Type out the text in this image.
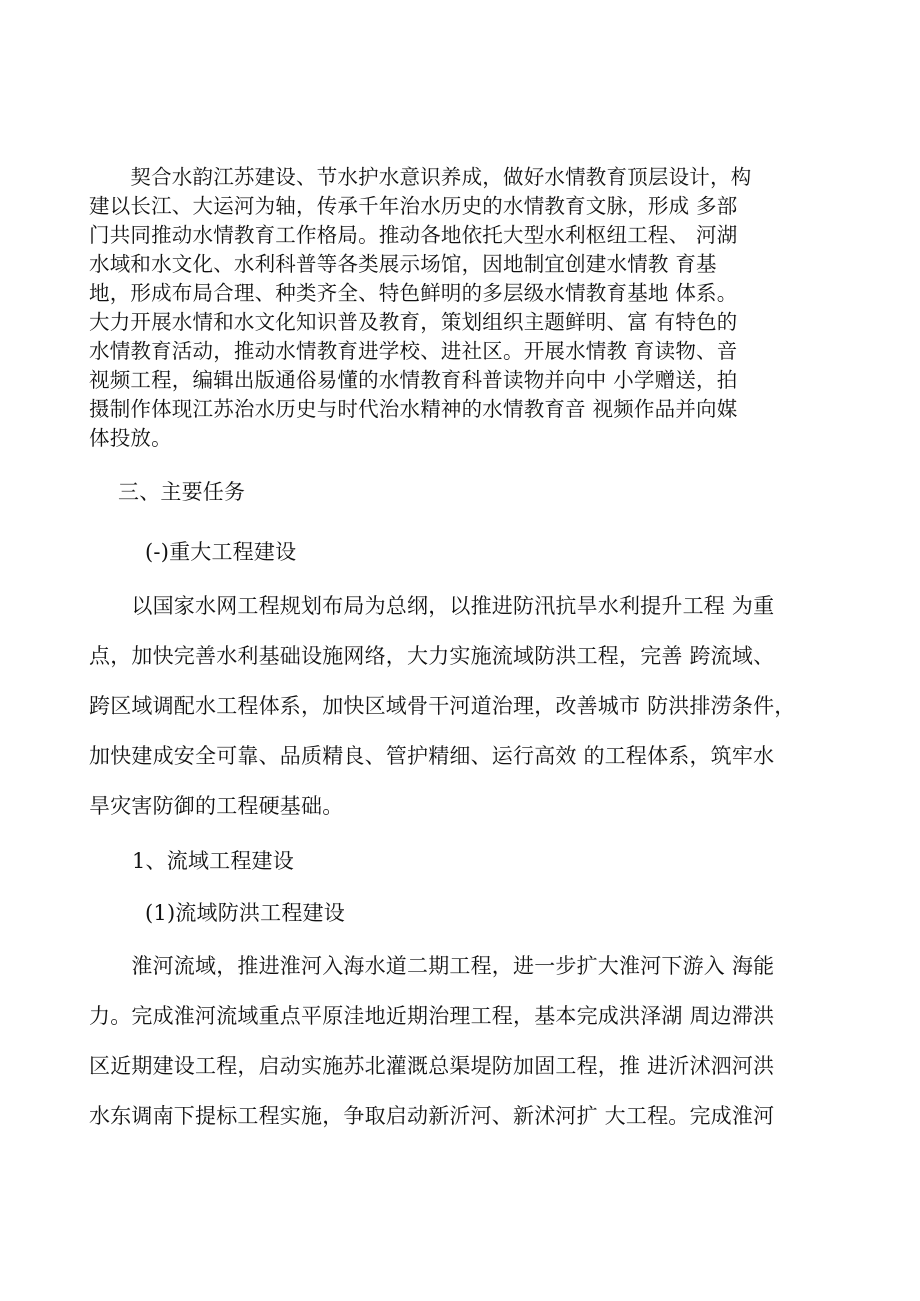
　　契合水韵江苏建设、节水护水意识养成，做好水情教育顶层设计，构
建以长江、大运河为轴，传承千年治水历史的水情教育文脉，形成 多部
门共同推动水情教育工作格局。推动各地依托大型水利枢纽工程、 河湖
水域和水文化、水利科普等各类展示场馆，因地制宜创建水情教 育基
地，形成布局合理、种类齐全、特色鲜明的多层级水情教育基地 体系。
大力开展水情和水文化知识普及教育，策划组织主题鲜明、富 有特色的
水情教育活动，推动水情教育进学校、进社区。开展水情教 育读物、音
视频工程，编辑出版通俗易懂的水情教育科普读物并向中 小学赠送，拍
摄制作体现江苏治水历史与时代治水精神的水情教育音 视频作品并向媒
体投放。
三、主要任务
(-)重大工程建设
　　以国家水网工程规划布局为总纲，以推进防汛抗旱水利提升工程 为重
点，加快完善水利基础设施网络，大力实施流域防洪工程，完善 跨流域、
跨区域调配水工程体系，加快区域骨干河道治理，改善城市 防洪排涝条件，
加快建成安全可靠、品质精良、管护精细、运行高效 的工程体系，筑牢水
旱灾害防御的工程硬基础。
1、流域工程建设
(1)流域防洪工程建设
　　淮河流域，推进淮河入海水道二期工程，进一步扩大淮河下游入 海能
力。完成淮河流域重点平原洼地近期治理工程，基本完成洪泽湖 周边滞洪
区近期建设工程，启动实施苏北灌溉总渠堤防加固工程，推 进沂沭泗河洪
水东调南下提标工程实施，争取启动新沂河、新沭河扩 大工程。完成淮河
